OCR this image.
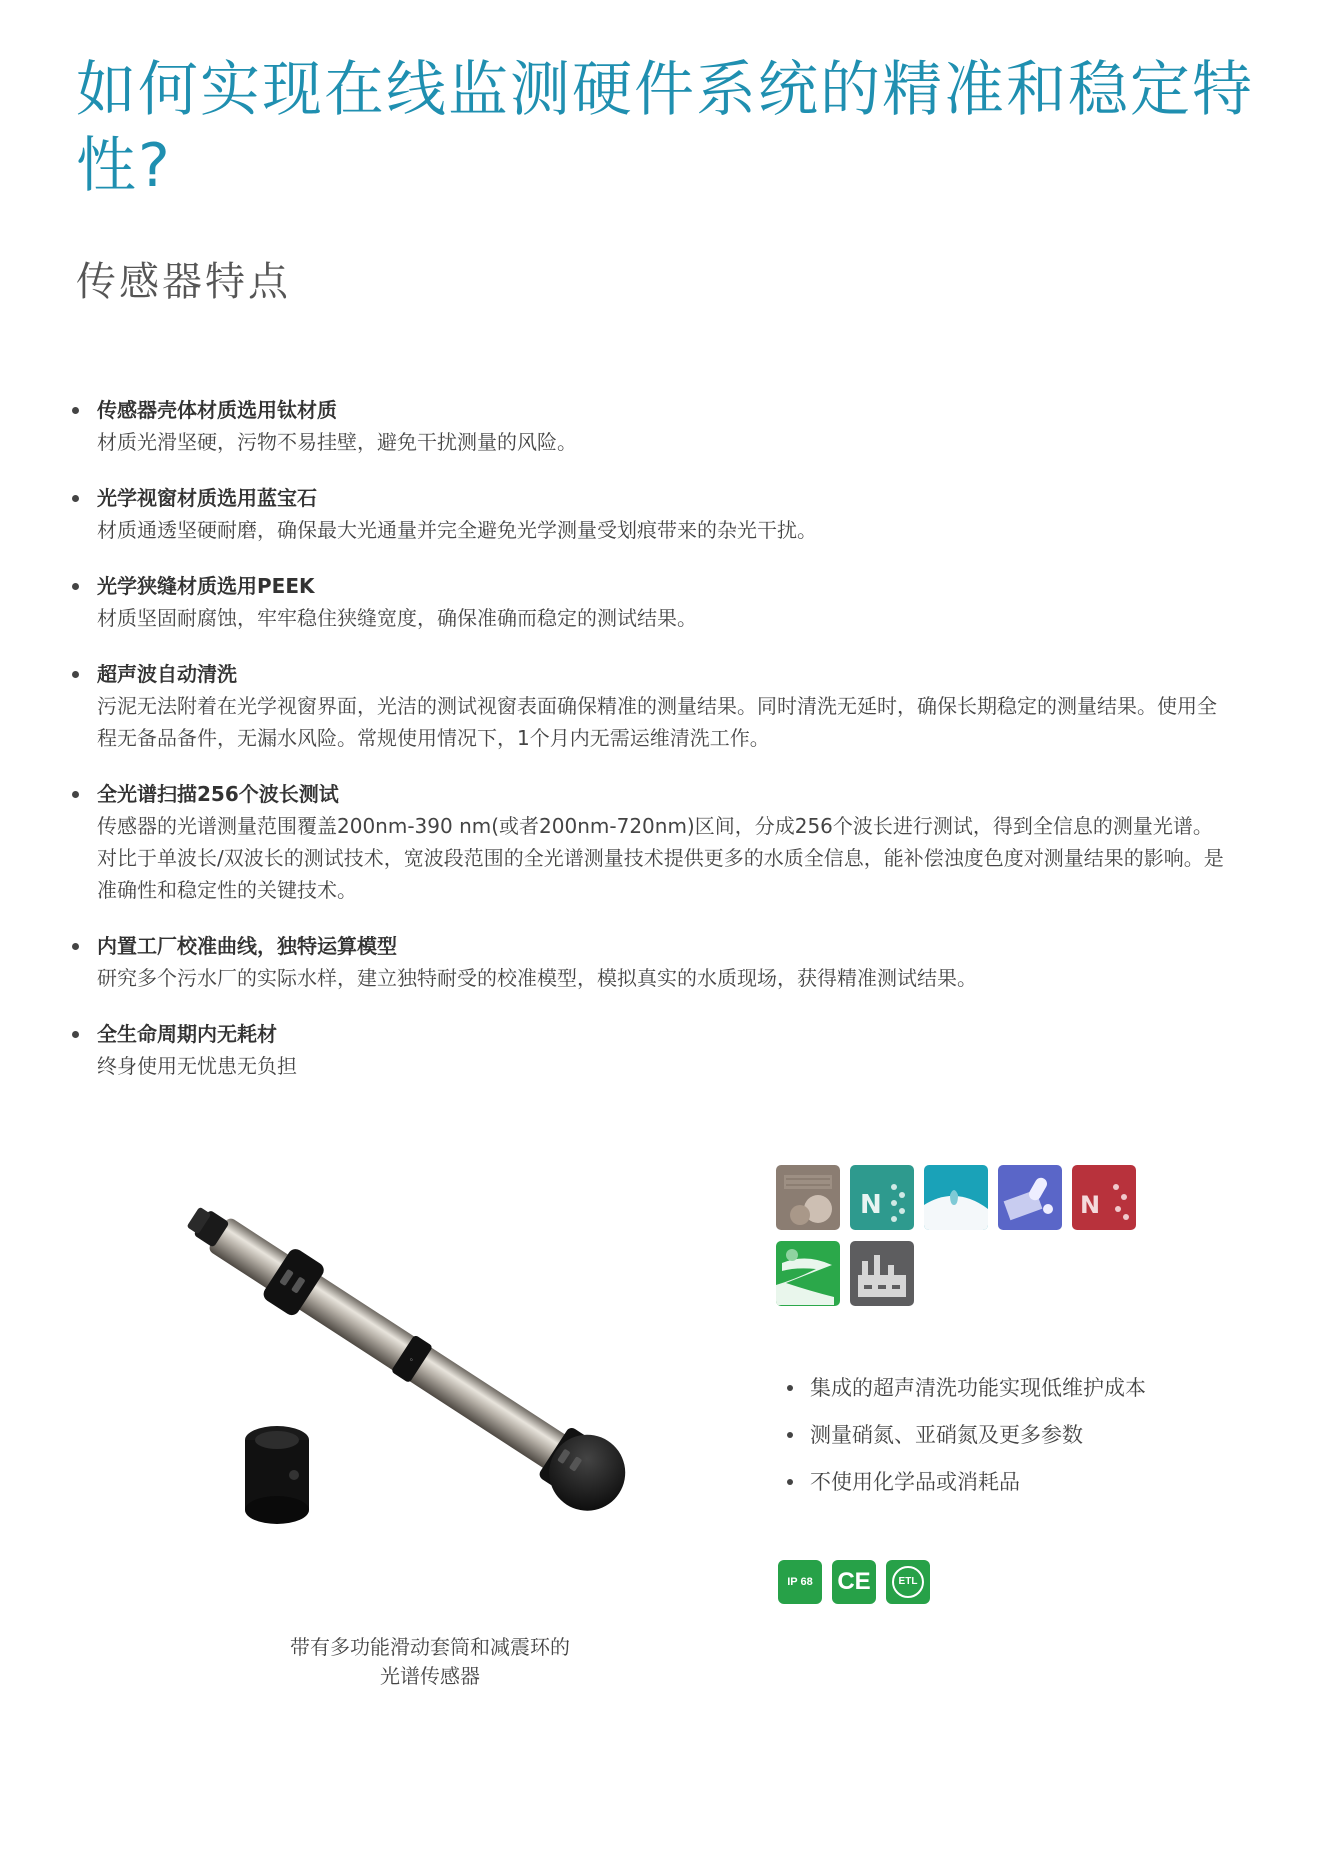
如何实现在线监测硬件系统的精准和稳定特性?
传感器特点
传感器壳体材质选用钛材质
材质光滑坚硬，污物不易挂壁，避免干扰测量的风险。
光学视窗材质选用蓝宝石
材质通透坚硬耐磨，确保最大光通量并完全避免光学测量受划痕带来的杂光干扰。
光学狭缝材质选用PEEK
材质坚固耐腐蚀，牢牢稳住狭缝宽度，确保准确而稳定的测试结果。
超声波自动清洗
污泥无法附着在光学视窗界面，光洁的测试视窗表面确保精准的测量结果。同时清洗无延时，确保长期稳定的测量结果。使用全程无备品备件，无漏水风险。常规使用情况下，1个月内无需运维清洗工作。
全光谱扫描256个波长测试
传感器的光谱测量范围覆盖200nm-390 nm(或者200nm-720nm)区间，分成256个波长进行测试，得到全信息的测量光谱。对比于单波长/双波长的测试技术，宽波段范围的全光谱测量技术提供更多的水质全信息，能补偿浊度色度对测量结果的影响。是准确性和稳定性的关键技术。
内置工厂校准曲线，独特运算模型
研究多个污水厂的实际水样，建立独特耐受的校准模型，模拟真实的水质现场，获得精准测试结果。
全生命周期内无耗材
终身使用无忧患无负担
◦
带有多功能滑动套筒和减震环的
光谱传感器
N	N
集成的超声清洗功能实现低维护成本
测量硝氮、亚硝氮及更多参数
不使用化学品或消耗品
IP 68	CE	ETL
